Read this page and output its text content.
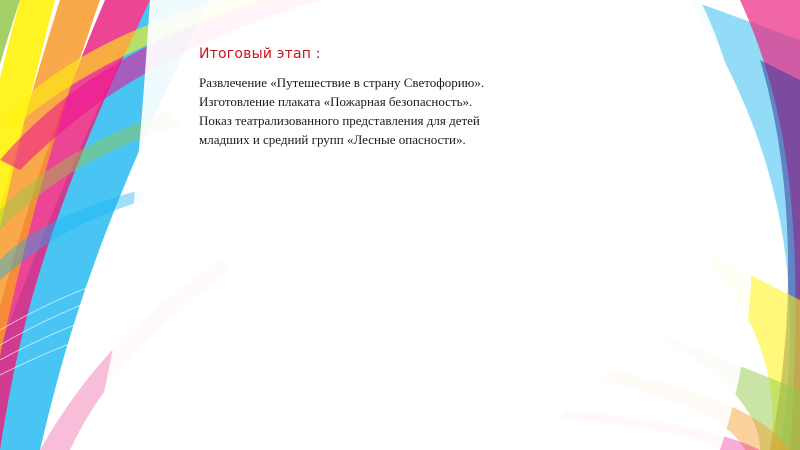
Итоговый этап :

Развлечение «Путешествие в страну Светофорию».

Изготовление плаката «Пожарная безопасность».

Показ театрализованного представления для детей

младших и средний групп «Лесные опасности».
